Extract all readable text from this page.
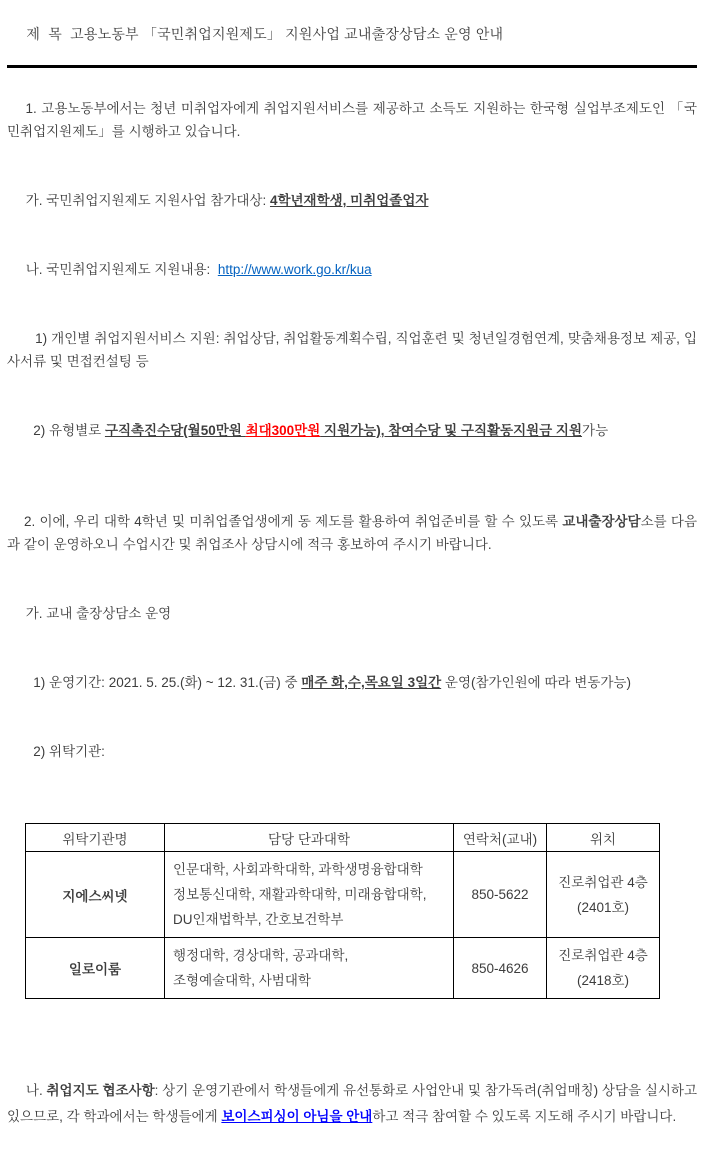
제  목  고용노동부 「국민취업지원제도」 지원사업 교내출장상담소 운영 안내

1. 고용노동부에서는 청년 미취업자에게 취업지원서비스를 제공하고 소득도 지원하는 한국형 실업부조제도인 「국민취업지원제도」를 시행하고 있습니다.

가. 국민취업지원제도 지원사업 참가대상: 4학년재학생, 미취업졸업자

나. 국민취업지원제도 지원내용:  http://www.work.go.kr/kua

1) 개인별 취업지원서비스 지원: 취업상담, 취업활동계획수립, 직업훈련 및 청년일경험연계, 맞춤채용정보 제공, 입사서류 및 면접컨설팅 등

2) 유형별로 구직촉진수당(월50만원 최대300만원 지원가능), 참여수당 및 구직활동지원금 지원가능

2. 이에, 우리 대학 4학년 및 미취업졸업생에게 동 제도를 활용하여 취업준비를 할 수 있도록 교내출장상담소를 다음과 같이 운영하오니 수업시간 및 취업조사 상담시에 적극 홍보하여 주시기 바랍니다.

가. 교내 출장상담소 운영

1) 운영기간: 2021. 5. 25.(화) ~ 12. 31.(금) 중 매주 화,수,목요일 3일간 운영(참가인원에 따라 변동가능)

2) 위탁기관:

위탁기관명	담당 단과대학	연락처(교내)	위치
지에스씨넷	인문대학, 사회과학대학, 과학생명융합대학
정보통신대학, 재활과학대학, 미래융합대학,
DU인재법학부, 간호보건학부	850-5622	진로취업관 4층
(2401호)

일로이룸	행정대학, 경상대학, 공과대학,
조형예술대학, 사범대학	850-4626	진로취업관 4층
(2418호)

나. 취업지도 협조사항: 상기 운영기관에서 학생들에게 유선통화로 사업안내 및 참가독려(취업매칭) 상담을 실시하고 있으므로, 각 학과에서는 학생들에게 보이스피싱이 아님을 안내하고 적극 참여할 수 있도록 지도해 주시기 바랍니다.
